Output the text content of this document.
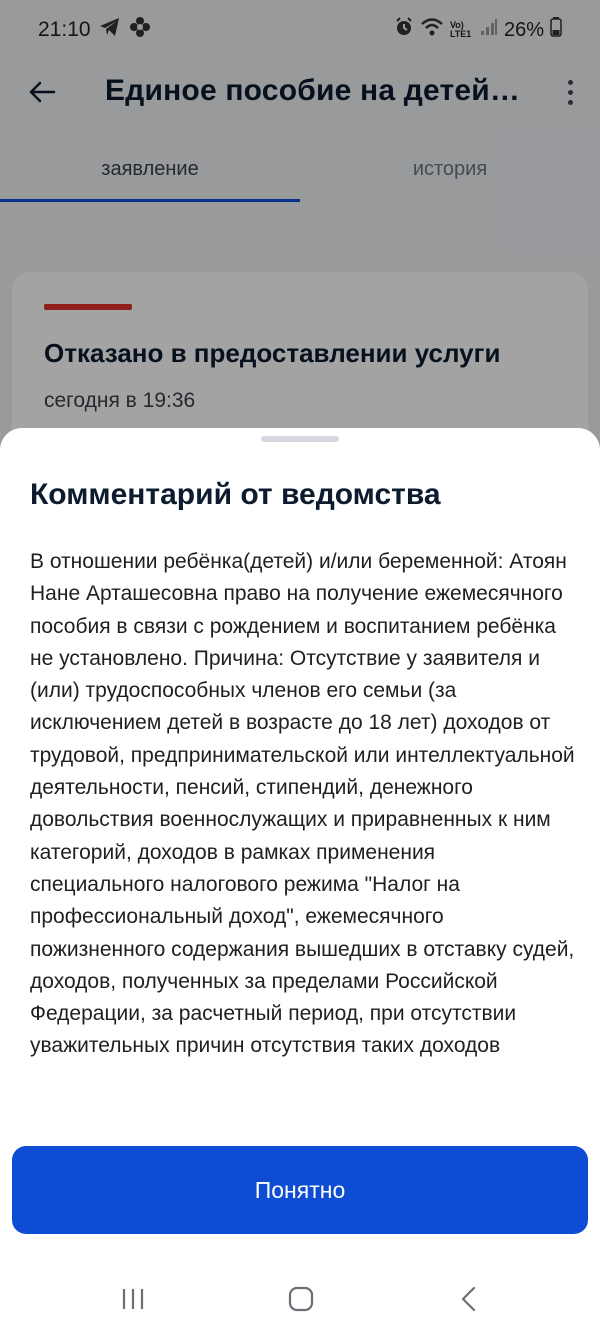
21:10	Vo) LTE1 26%
Единое пособие на детей…
заявление	история
Отказано в предоставлении услуги
сегодня в 19:36
Комментарий от ведомства
В отношении ребёнка(детей) и/или беременной: Атоян Нане Арташесовна право на получение ежемесячного пособия в связи с рождением и воспитанием ребёнка не установлено. Причина: Отсутствие у заявителя и (или) трудоспособных членов его семьи (за исключением детей в возрасте до 18 лет) доходов от трудовой, предпринимательской или интеллектуальной деятельности, пенсий, стипендий, денежного довольствия военнослужащих и приравненных к ним категорий, доходов в рамках применения специального налогового режима "Налог на профессиональный доход", ежемесячного пожизненного содержания вышедших в отставку судей, доходов, полученных за пределами Российской Федерации, за расчетный период, при отсутствии уважительных причин отсутствия таких доходов
Понятно
